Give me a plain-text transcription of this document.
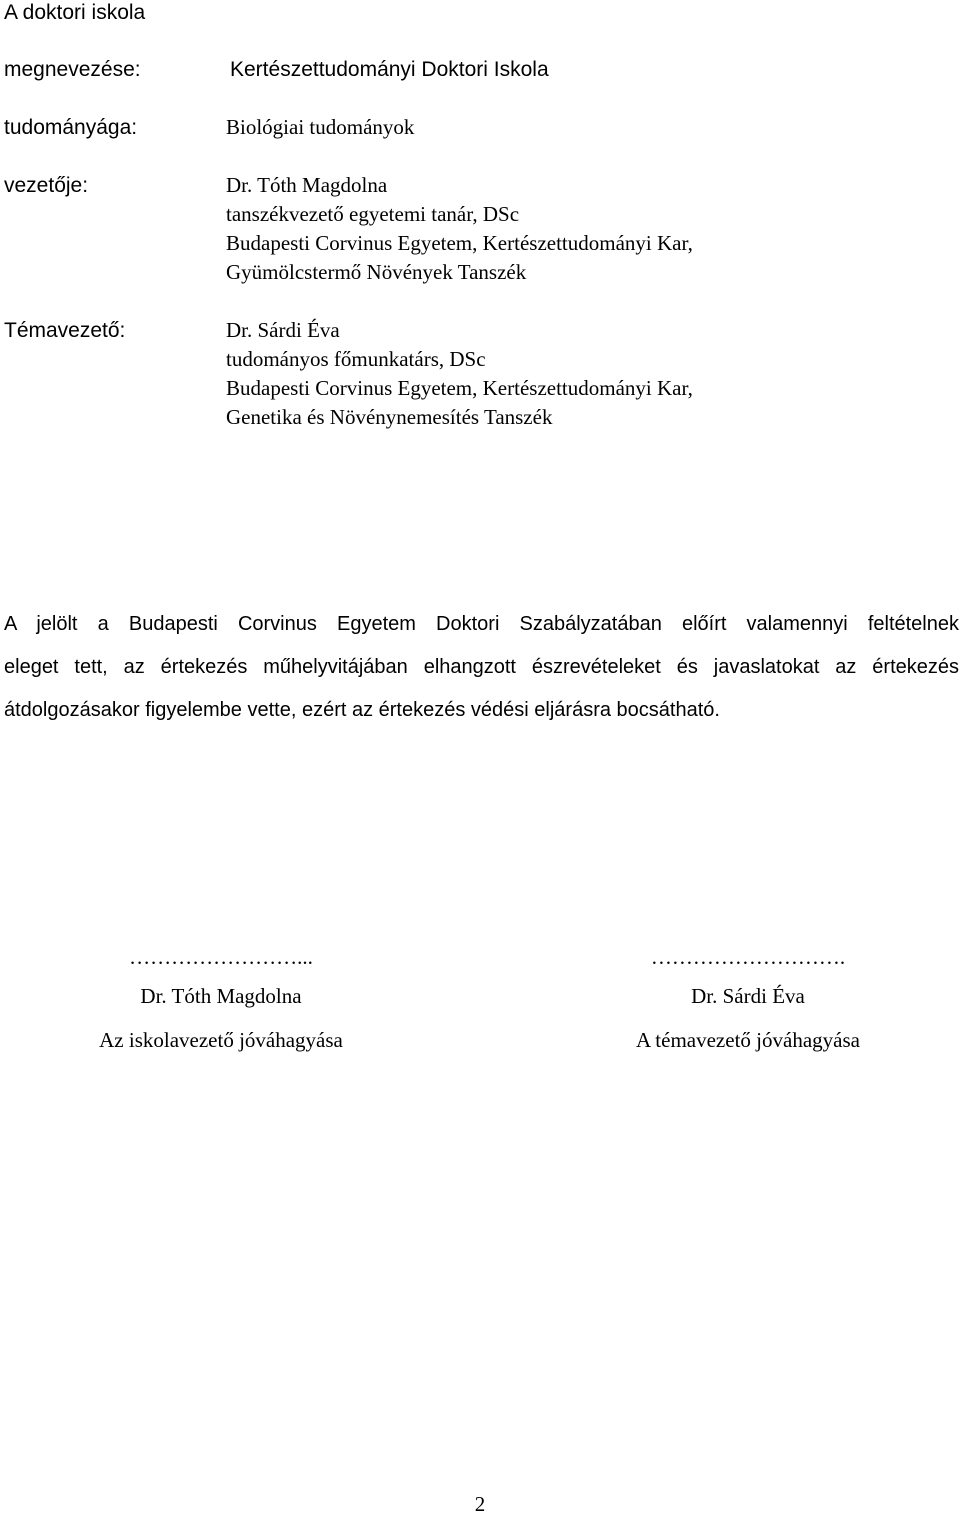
A doktori iskola
megnevezése:	Kertészettudományi Doktori Iskola
tudományága:	Biológiai tudományok
vezetője:	Dr. Tóth Magdolna
tanszékvezető egyetemi tanár, DSc
Budapesti Corvinus Egyetem, Kertészettudományi Kar,
Gyümölcstermő Növények Tanszék
Témavezető:	Dr. Sárdi Éva
tudományos főmunkatárs, DSc
Budapesti Corvinus Egyetem, Kertészettudományi Kar,
Genetika és Növénynemesítés Tanszék
A jelölt a Budapesti Corvinus Egyetem Doktori Szabályzatában előírt valamennyi feltételnek
eleget tett, az értekezés műhelyvitájában elhangzott észrevételeket és javaslatokat az értekezés
átdolgozásakor figyelembe vette, ezért az értekezés védési eljárásra bocsátható.
……………………...
Dr. Tóth Magdolna
Az iskolavezető jóváhagyása
……………………….
Dr. Sárdi Éva
A témavezető jóváhagyása
2
